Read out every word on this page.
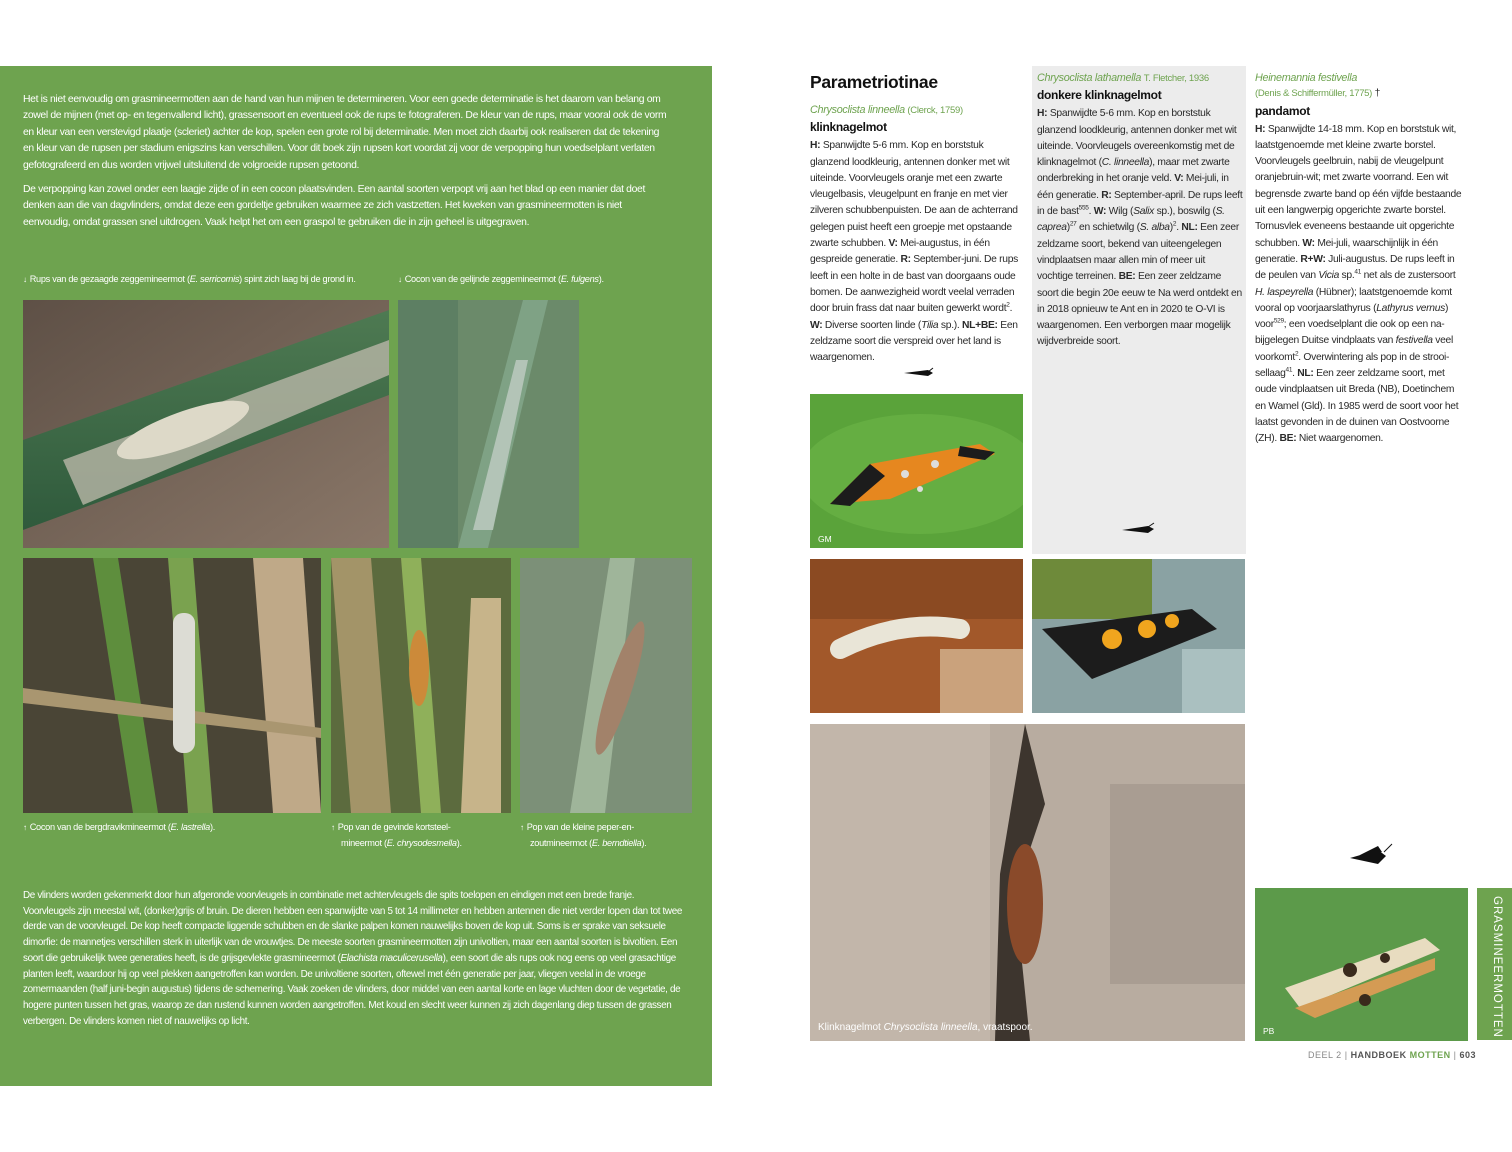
Het is niet eenvoudig om grasmineermotten aan de hand van hun mijnen te determineren. Voor een goede determinatie is het daarom van belang om zowel de mijnen (met op- en tegenvallend licht), grassensoort en eventueel ook de rups te fotograferen. De kleur van de rups, maar vooral ook de vorm en kleur van een verstevigd plaatje (scleriet) achter de kop, spelen een grote rol bij determinatie. Men moet zich daarbij ook realiseren dat de tekening en kleur van de rupsen per stadium enigszins kan verschillen. Voor dit boek zijn rupsen kort voordat zij voor de verpopping hun voedselplant verlaten gefotografeerd en dus worden vrijwel uitsluitend de volgroeide rupsen getoond.

De verpopping kan zowel onder een laagje zijde of in een cocon plaatsvinden. Een aantal soorten verpopt vrij aan het blad op een manier dat doet denken aan die van dagvlinders, omdat deze een gordeltje gebruiken waarmee ze zich vastzetten. Het kweken van grasmineermotten is niet eenvoudig, omdat grassen snel uitdrogen. Vaak helpt het om een graspol te gebruiken die in zijn geheel is uitgegraven.

↓ Rups van de gezaagde zeggemineermot (E. serricornis) spint zich laag bij de grond in.	↓ Cocon van de gelijnde zeggemineermot (E. fulgens).
↑ Cocon van de bergdravikmineermot (E. lastrella).	↑ Pop van de gevinde kortsteel-
mineermot (E. chrysodesmella).
↑ Pop van de kleine peper-en-
zoutmineermot (E. berndtiella).

De vlinders worden gekenmerkt door hun afgeronde voorvleugels in combinatie met achtervleugels die spits toelopen en eindigen met een brede franje. Voorvleugels zijn meestal wit, (donker)grijs of bruin. De dieren hebben een spanwijdte van 5 tot 14 millimeter en hebben antennen die niet verder lopen dan tot twee derde van de voorvleugel. De kop heeft compacte liggende schubben en de slanke palpen komen nauwelijks boven de kop uit. Soms is er sprake van seksuele dimorfie: de mannetjes verschillen sterk in uiterlijk van de vrouwtjes. De meeste soorten grasmineermotten zijn univoltien, maar een aantal soorten is bivoltien. Een soort die gebruikelijk twee generaties heeft, is de grijsgevlekte grasmineermot (Elachista maculicerusella), een soort die als rups ook nog eens op veel grasachtige planten leeft, waardoor hij op veel plekken aangetroffen kan worden. De univoltiene soorten, oftewel met één generatie per jaar, vliegen veelal in de vroege zomermaanden (half juni-begin augustus) tijdens de schemering. Vaak zoeken de vlinders, door middel van een aantal korte en lage vluchten door de vegetatie, de hogere punten tussen het gras, waarop ze dan rustend kunnen worden aangetroffen. Met koud en slecht weer kunnen zij zich dagenlang diep tussen de grassen verbergen. De vlinders komen niet of nauwelijks op licht.

Parametriotinae
Chrysoclista linneella (Clerck, 1759)
klinknagelmot

H: Spanwijdte 5-6 mm. Kop en borststuk glanzend loodkleurig, antennen donker met wit uiteinde. Voorvleugels oranje met een zwarte vleugelbasis, vleugelpunt en franje en met vier zilveren schubbenpuisten. De aan de achterrand gelegen puist heeft een groepje met opstaande zwarte schubben. V: Mei-augustus, in één gespreide generatie. R: September-juni. De rups leeft in een holte in de bast van doorgaans oude bomen. De aanwezigheid wordt veelal verraden door bruin frass dat naar buiten gewerkt wordt$^2$. W: Diverse soorten linde (Tilia sp.). NL+BE: Een zeldzame soort die verspreid over het land is waargenomen.

Chrysoclista lathamella T. Fletcher, 1936
donkere klinknagelmot

H: Spanwijdte 5-6 mm. Kop en borststuk glanzend loodkleurig, antennen donker met wit uiteinde. Voorvleugels overeenkomstig met de klinknagelmot (C. linneella), maar met zwarte onderbreking in het oranje veld. V: Mei-juli, in één generatie. R: September-april. De rups leeft in de bast$^{555}$. W: Wilg (Salix sp.), boswilg (S. caprea)$^{27}$ en schietwilg (S. alba)$^2$. NL: Een zeer zeldzame soort, bekend van uiteengelegen vindplaatsen maar allen min of meer uit vochtige terreinen. BE: Een zeer zeldzame soort die begin 20e eeuw te Na werd ontdekt en in 2018 opnieuw te Ant en in 2020 te O-VI is waargenomen. Een verborgen maar mogelijk wijdverbreide soort.

Heinemannia festivella
(Denis & Schiffermüller, 1775) †
pandamot

H: Spanwijdte 14-18 mm. Kop en borststuk wit, laatstgenoemde met kleine zwarte borstel. Voorvleugels geelbruin, nabij de vleugelpunt oranjebruin-wit; met zwarte voorrand. Een wit begrensde zwarte band op één vijfde bestaande uit een langwerpig opgerichte zwarte borstel. Tornusvlek eveneens bestaande uit opgerichte schubben. W: Mei-juli, waarschijnlijk in één generatie. R+W: Juli-augustus. De rups leeft in de peulen van Vicia sp.$^{41}$ net als de zustersoort H. laspeyrella (Hübner); laatstgenoemde komt vooral op voorjaarslathyrus (Lathyrus vernus) voor$^{529}$; een voedselplant die ook op een na-bijgelegen Duitse vindplaats van festivella veel voorkomt$^2$. Overwintering als pop in de strooi-sellaag$^{41}$. NL: Een zeer zeldzame soort, met oude vindplaatsen uit Breda (NB), Doetinchem en Wamel (Gld). In 1985 werd de soort voor het laatst gevonden in de duinen van Oostvoorne (ZH). BE: Niet waargenomen.

GM
Klinknagelmot Chrysoclista linneella, vraatspoor.	PB	GRASMINEERMOTTEN
DEEL 2 | HANDBOEK MOTTEN | 603
